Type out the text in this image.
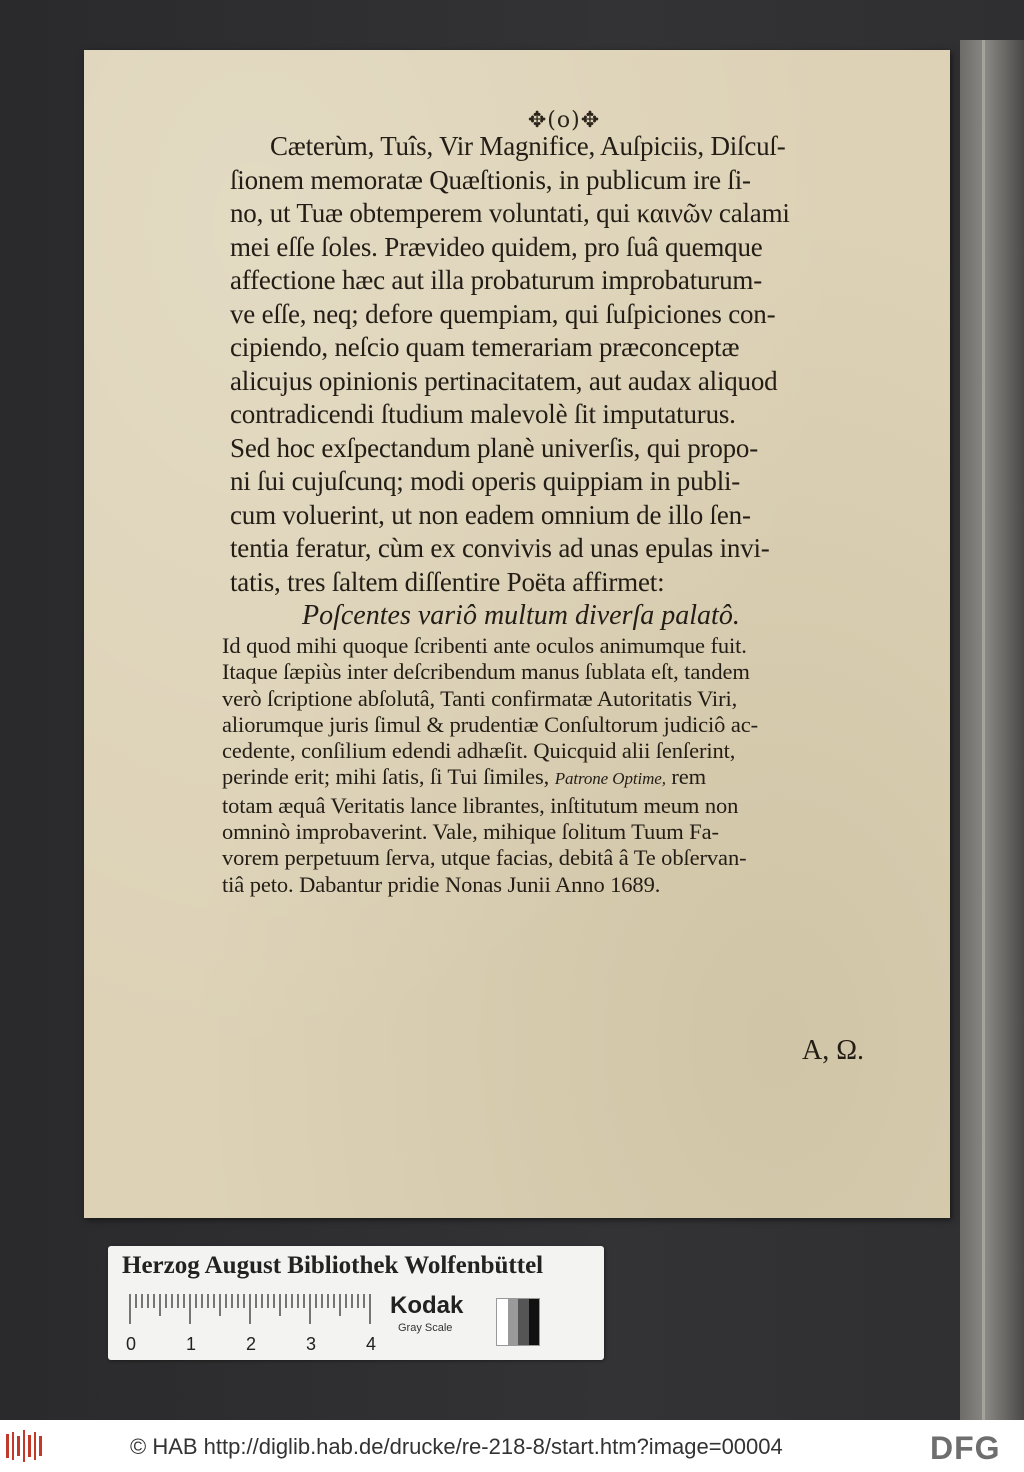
✥(o)✥
Cæterùm, Tuîs, Vir Magnifice, Auſpiciis, Diſcuſ-
ſionem memoratæ Quæſtionis, in publicum ire ſi-
no, ut Tuæ obtemperem voluntati, qui καινῶν calami
mei eſſe ſoles. Prævideo quidem, pro ſuâ quemque
affectione hæc aut illa probaturum improbaturum-
ve eſſe, neq; defore quempiam, qui ſuſpiciones con-
cipiendo, neſcio quam temerariam præconceptæ
alicujus opinionis pertinacitatem, aut audax aliquod
contradicendi ſtudium malevolè ſit imputaturus.
Sed hoc exſpectandum planè univerſis, qui propo-
ni ſui cujuſcunq; modi operis quippiam in publi-
cum voluerint, ut non eadem omnium de illo ſen-
tentia feratur, cùm ex convivis ad unas epulas invi-
tatis, tres ſaltem diſſentire Poëta affirmet:
Poſcentes variô multum diverſa palatô.
Id quod mihi quoque ſcribenti ante oculos animumque fuit.
Itaque ſæpiùs inter deſcribendum manus ſublata eſt, tandem
verò ſcriptione abſolutâ, Tanti confirmatæ Autoritatis Viri,
aliorumque juris ſimul & prudentiæ Conſultorum judiciô ac-
cedente, conſilium edendi adhæſit. Quicquid alii ſenſerint,
perinde erit; mihi ſatis, ſi Tui ſimiles, Patrone Optime, rem
totam æquâ Veritatis lance librantes, inſtitutum meum non
omninò improbaverint. Vale, mihique ſolitum Tuum Fa-
vorem perpetuum ſerva, utque facias, debitâ â Te obſervan-
tiâ peto. Dabantur pridie Nonas Junii Anno 1689.
A, Ω.
Herzog August Bibliothek Wolfenbüttel
0	1	2	3	4
Kodak
Gray Scale
© HAB http://diglib.hab.de/drucke/re-218-8/start.htm?image=00004	DFG
